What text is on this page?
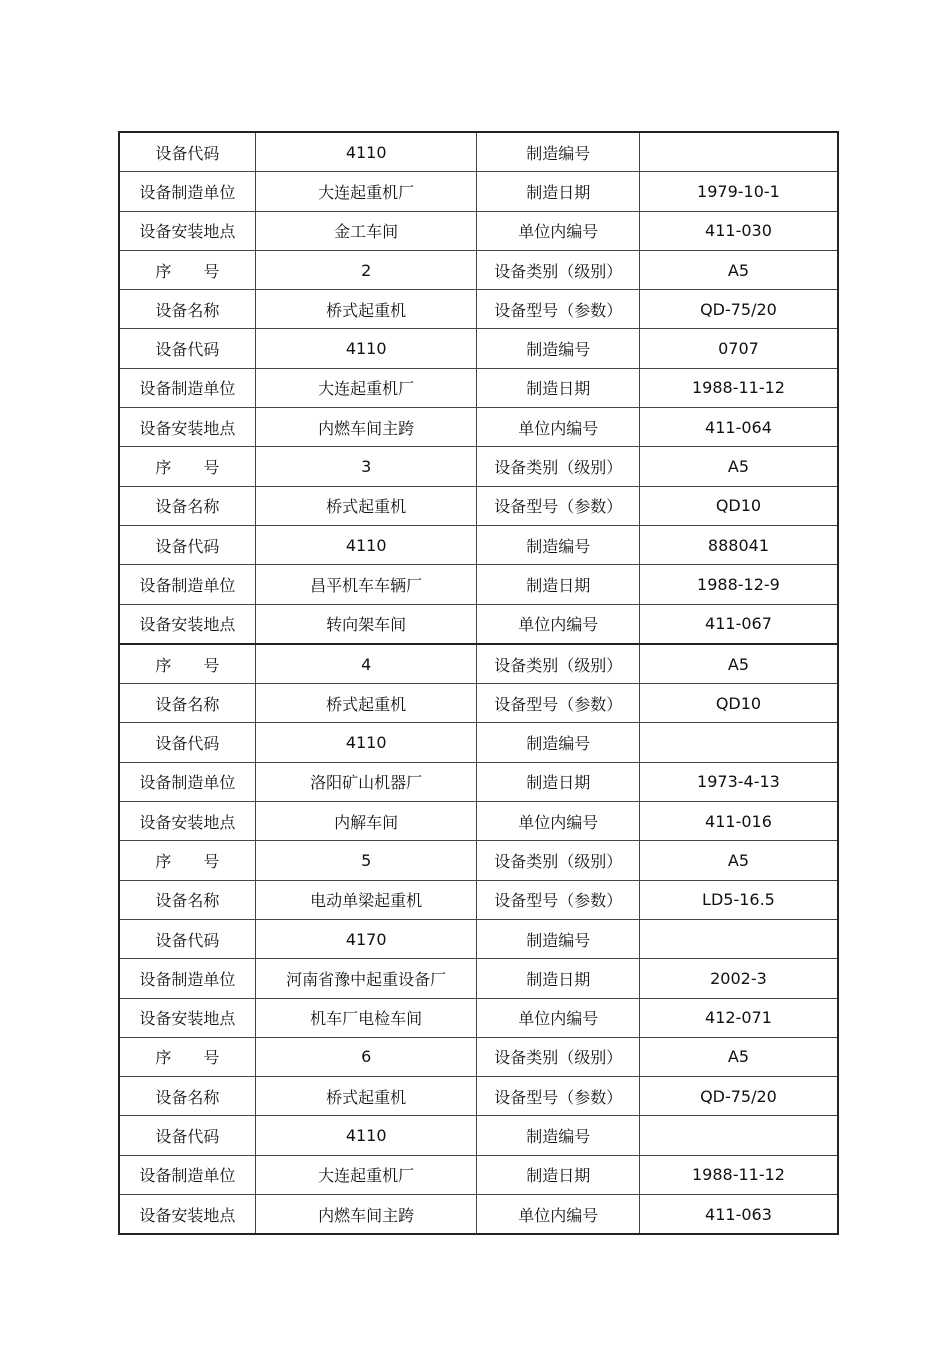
设备代码	4110	制造编号	
设备制造单位	大连起重机厂	制造日期	1979-10-1
设备安装地点	金工车间	单位内编号	411-030
序　　号	2	设备类别（级别）	A5
设备名称	桥式起重机	设备型号（参数）	QD-75/20
设备代码	4110	制造编号	0707
设备制造单位	大连起重机厂	制造日期	1988-11-12
设备安装地点	内燃车间主跨	单位内编号	411-064
序　　号	3	设备类别（级别）	A5
设备名称	桥式起重机	设备型号（参数）	QD10
设备代码	4110	制造编号	888041
设备制造单位	昌平机车车辆厂	制造日期	1988-12-9
设备安装地点	转向架车间	单位内编号	411-067
序　　号	4	设备类别（级别）	A5
设备名称	桥式起重机	设备型号（参数）	QD10
设备代码	4110	制造编号	
设备制造单位	洛阳矿山机器厂	制造日期	1973-4-13
设备安装地点	内解车间	单位内编号	411-016
序　　号	5	设备类别（级别）	A5
设备名称	电动单梁起重机	设备型号（参数）	LD5-16.5
设备代码	4170	制造编号	
设备制造单位	河南省豫中起重设备厂	制造日期	2002-3
设备安装地点	机车厂电检车间	单位内编号	412-071
序　　号	6	设备类别（级别）	A5
设备名称	桥式起重机	设备型号（参数）	QD-75/20
设备代码	4110	制造编号	
设备制造单位	大连起重机厂	制造日期	1988-11-12
设备安装地点	内燃车间主跨	单位内编号	411-063
